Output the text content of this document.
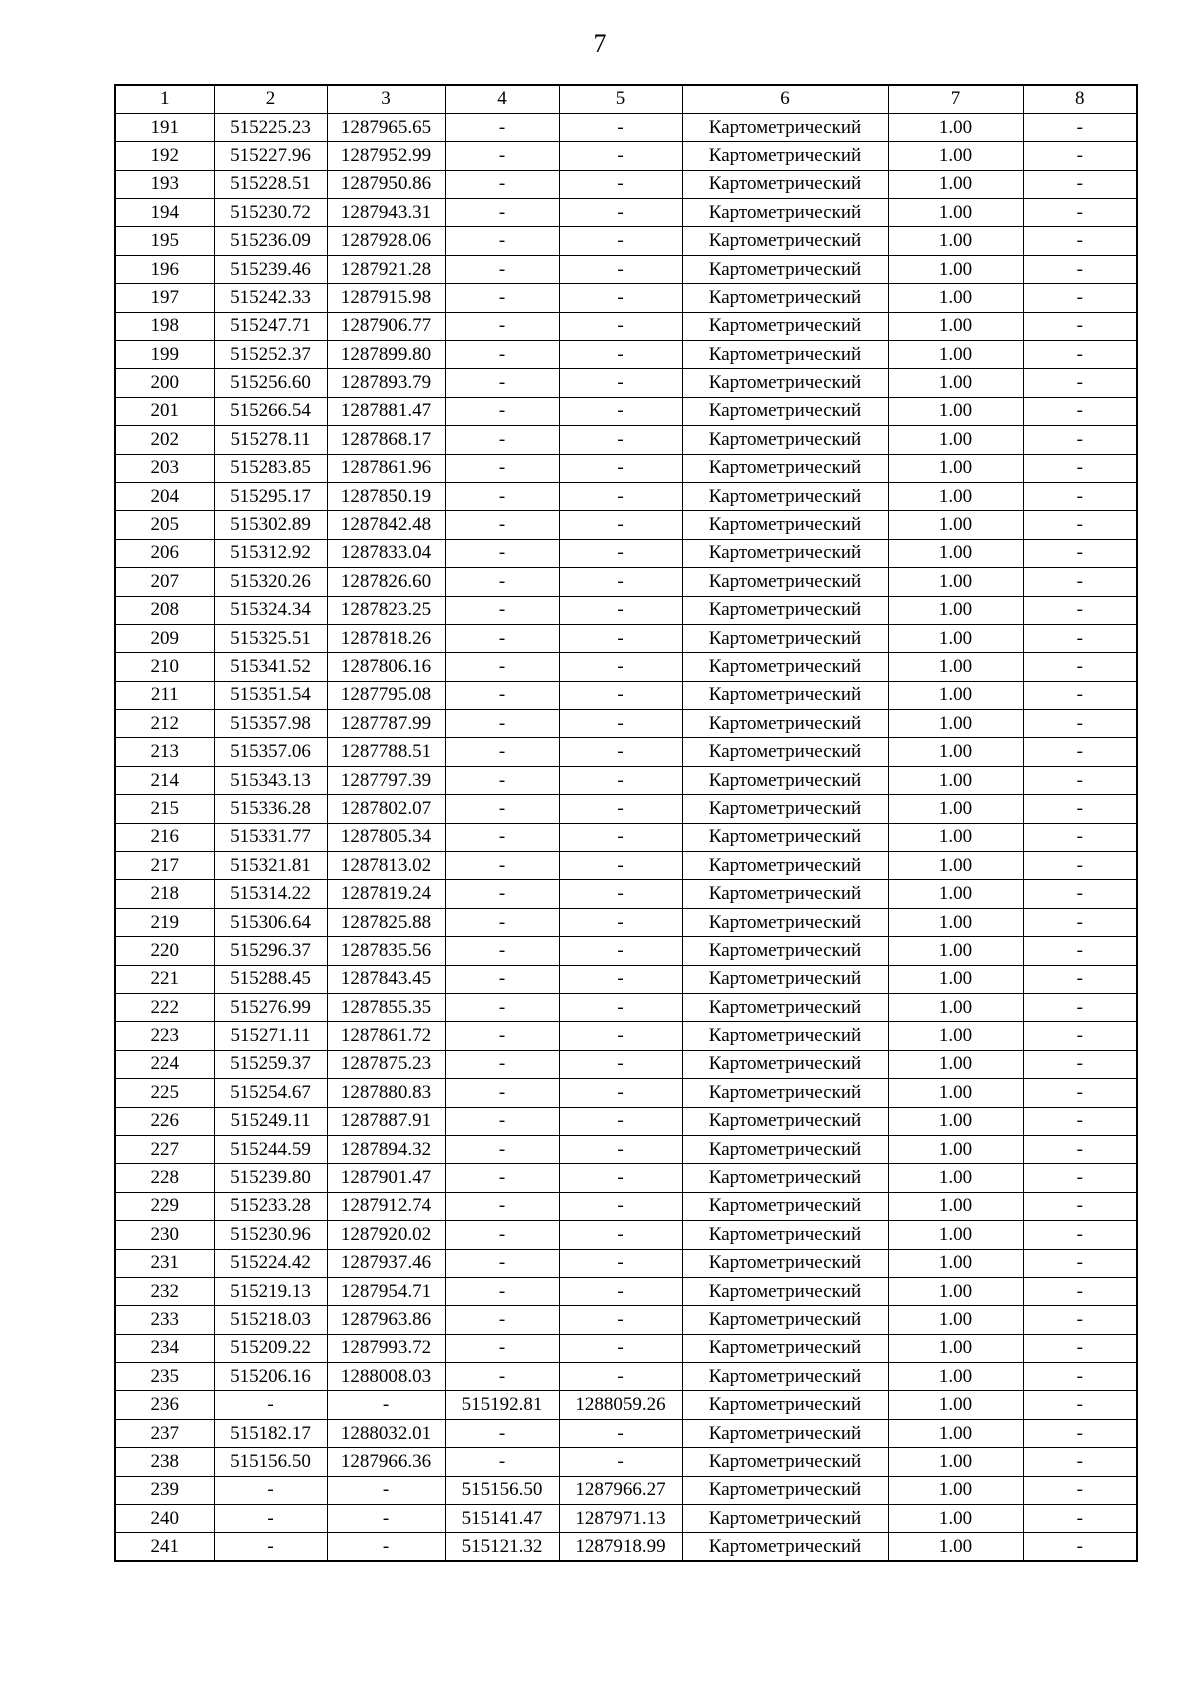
7
1	2	3	4	5	6	7	8
191	515225.23	1287965.65	-	-	Картометрический	1.00	-
192	515227.96	1287952.99	-	-	Картометрический	1.00	-
193	515228.51	1287950.86	-	-	Картометрический	1.00	-
194	515230.72	1287943.31	-	-	Картометрический	1.00	-
195	515236.09	1287928.06	-	-	Картометрический	1.00	-
196	515239.46	1287921.28	-	-	Картометрический	1.00	-
197	515242.33	1287915.98	-	-	Картометрический	1.00	-
198	515247.71	1287906.77	-	-	Картометрический	1.00	-
199	515252.37	1287899.80	-	-	Картометрический	1.00	-
200	515256.60	1287893.79	-	-	Картометрический	1.00	-
201	515266.54	1287881.47	-	-	Картометрический	1.00	-
202	515278.11	1287868.17	-	-	Картометрический	1.00	-
203	515283.85	1287861.96	-	-	Картометрический	1.00	-
204	515295.17	1287850.19	-	-	Картометрический	1.00	-
205	515302.89	1287842.48	-	-	Картометрический	1.00	-
206	515312.92	1287833.04	-	-	Картометрический	1.00	-
207	515320.26	1287826.60	-	-	Картометрический	1.00	-
208	515324.34	1287823.25	-	-	Картометрический	1.00	-
209	515325.51	1287818.26	-	-	Картометрический	1.00	-
210	515341.52	1287806.16	-	-	Картометрический	1.00	-
211	515351.54	1287795.08	-	-	Картометрический	1.00	-
212	515357.98	1287787.99	-	-	Картометрический	1.00	-
213	515357.06	1287788.51	-	-	Картометрический	1.00	-
214	515343.13	1287797.39	-	-	Картометрический	1.00	-
215	515336.28	1287802.07	-	-	Картометрический	1.00	-
216	515331.77	1287805.34	-	-	Картометрический	1.00	-
217	515321.81	1287813.02	-	-	Картометрический	1.00	-
218	515314.22	1287819.24	-	-	Картометрический	1.00	-
219	515306.64	1287825.88	-	-	Картометрический	1.00	-
220	515296.37	1287835.56	-	-	Картометрический	1.00	-
221	515288.45	1287843.45	-	-	Картометрический	1.00	-
222	515276.99	1287855.35	-	-	Картометрический	1.00	-
223	515271.11	1287861.72	-	-	Картометрический	1.00	-
224	515259.37	1287875.23	-	-	Картометрический	1.00	-
225	515254.67	1287880.83	-	-	Картометрический	1.00	-
226	515249.11	1287887.91	-	-	Картометрический	1.00	-
227	515244.59	1287894.32	-	-	Картометрический	1.00	-
228	515239.80	1287901.47	-	-	Картометрический	1.00	-
229	515233.28	1287912.74	-	-	Картометрический	1.00	-
230	515230.96	1287920.02	-	-	Картометрический	1.00	-
231	515224.42	1287937.46	-	-	Картометрический	1.00	-
232	515219.13	1287954.71	-	-	Картометрический	1.00	-
233	515218.03	1287963.86	-	-	Картометрический	1.00	-
234	515209.22	1287993.72	-	-	Картометрический	1.00	-
235	515206.16	1288008.03	-	-	Картометрический	1.00	-
236	-	-	515192.81	1288059.26	Картометрический	1.00	-
237	515182.17	1288032.01	-	-	Картометрический	1.00	-
238	515156.50	1287966.36	-	-	Картометрический	1.00	-
239	-	-	515156.50	1287966.27	Картометрический	1.00	-
240	-	-	515141.47	1287971.13	Картометрический	1.00	-
241	-	-	515121.32	1287918.99	Картометрический	1.00	-
